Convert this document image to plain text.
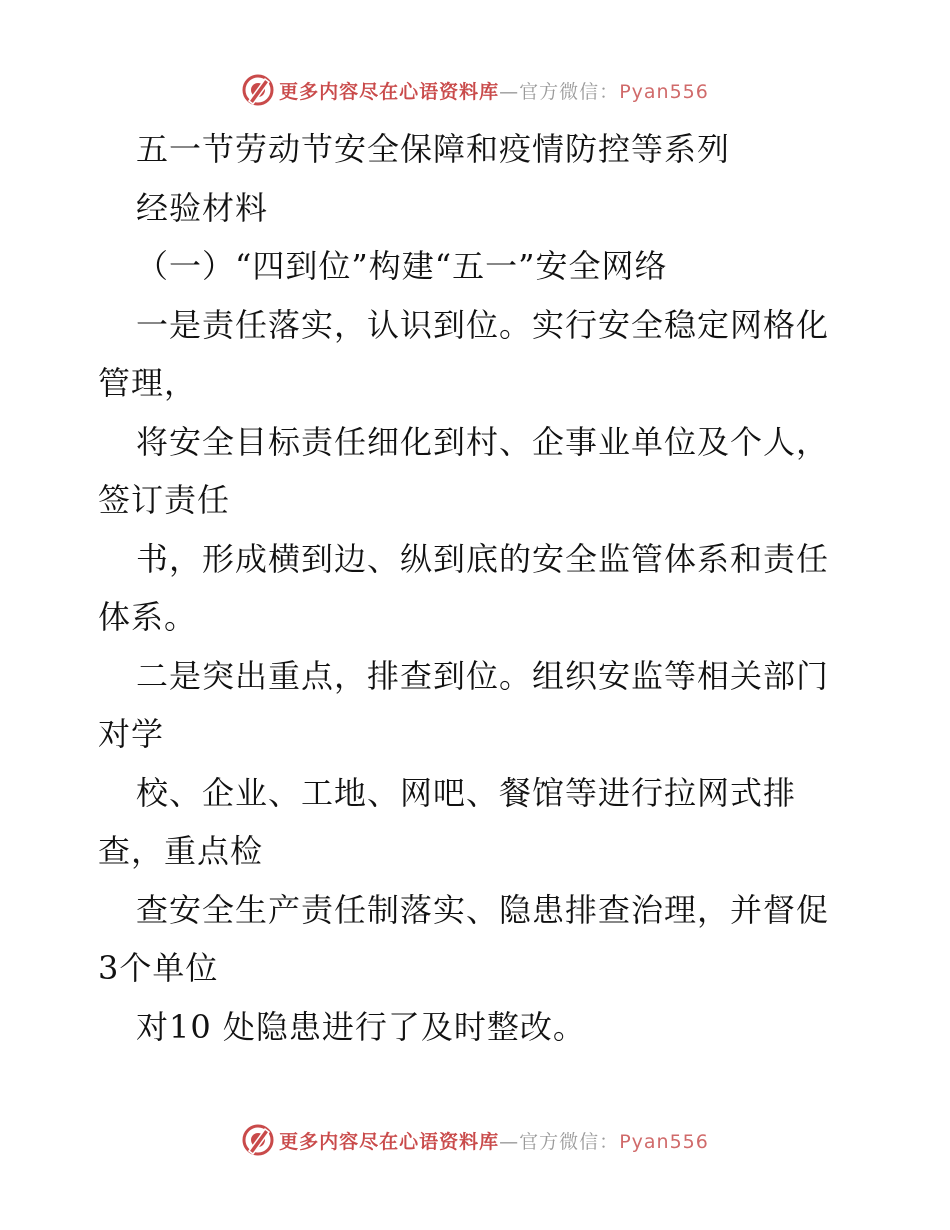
更多内容尽在心语资料库—官方微信：Pyan556
五一节劳动节安全保障和疫情防控等系列
经验材料
（一）“四到位”构建“五一”安全网络
一是责任落实，认识到位。实行安全稳定网格化
管理，
将安全目标责任细化到村、企事业单位及个人，
签订责任
书，形成横到边、纵到底的安全监管体系和责任
体系。
二是突出重点，排查到位。组织安监等相关部门
对学
校、企业、工地、网吧、餐馆等进行拉网式排
查，重点检
查安全生产责任制落实、隐患排查治理，并督促
3个单位
对10 处隐患进行了及时整改。
更多内容尽在心语资料库—官方微信：Pyan556
